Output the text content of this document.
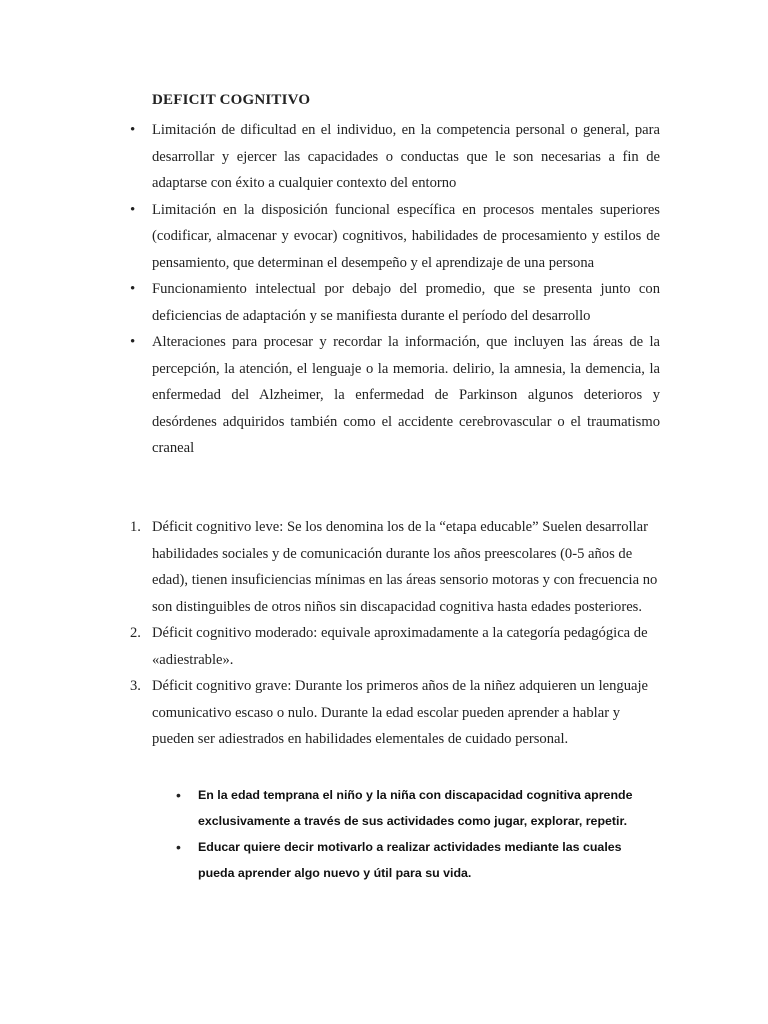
DEFICIT COGNITIVO
• Limitación de dificultad en el individuo, en la competencia personal o general, para desarrollar y ejercer las capacidades o conductas que le son necesarias a fin de adaptarse con éxito a cualquier contexto del entorno
• Limitación en la disposición funcional específica en procesos mentales superiores (codificar, almacenar y evocar) cognitivos, habilidades de procesamiento y estilos de pensamiento, que determinan el desempeño y el aprendizaje de una persona
• Funcionamiento intelectual por debajo del promedio, que se presenta junto con deficiencias de adaptación y se manifiesta durante el período del desarrollo
• Alteraciones para procesar y recordar la información, que incluyen las áreas de la percepción, la atención, el lenguaje o la memoria. delirio, la amnesia, la demencia, la enfermedad del Alzheimer, la enfermedad de Parkinson algunos deterioros y desórdenes adquiridos también como el accidente cerebrovascular o el traumatismo craneal
1. Déficit cognitivo leve: Se los denomina los de la “etapa educable” Suelen desarrollar habilidades sociales y de comunicación durante los años preescolares (0-5 años de edad), tienen insuficiencias mínimas en las áreas sensorio motoras y con frecuencia no son distinguibles de otros niños sin discapacidad cognitiva hasta edades posteriores.
2. Déficit cognitivo moderado: equivale aproximadamente a la categoría pedagógica de «adiestrable».
3. Déficit cognitivo grave: Durante los primeros años de la niñez adquieren un lenguaje comunicativo escaso o nulo. Durante la edad escolar pueden aprender a hablar y pueden ser adiestrados en habilidades elementales de cuidado personal.
• En la edad temprana el niño y la niña con discapacidad cognitiva aprende exclusivamente a través de sus actividades como jugar, explorar, repetir.
• Educar quiere decir motivarlo a realizar actividades mediante las cuales pueda aprender algo nuevo y útil para su vida.
